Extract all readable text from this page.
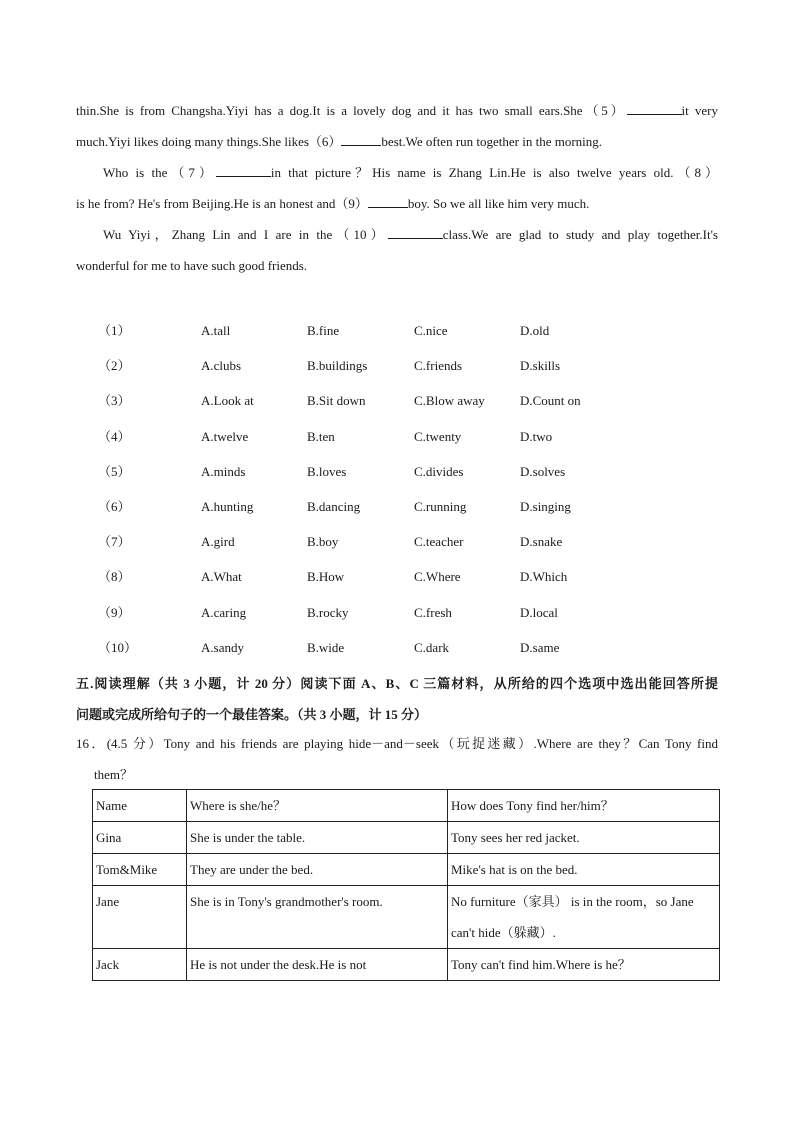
thin.She is from Changsha.Yiyi has a dog.It is a lovely dog and it has two small ears.She（5）	it very
much.Yiyi likes doing many things.She likes（6）	best.We often run together in the morning.
Who is the（7）	in that picture？His name is Zhang Lin.He is also twelve years old.（8）
is he from? He's from Beijing.He is an honest and（9）	boy. So we all like him very much.
Wu Yiyi，Zhang Lin and I are in the（10）	class.We are glad to study and play together.It's
wonderful for me to have such good friends.
（1）	A.tall	B.fine	C.nice	D.old
（2）	A.clubs	B.buildings	C.friends	D.skills
（3）	A.Look at	B.Sit down	C.Blow away	D.Count on
（4）	A.twelve	B.ten	C.twenty	D.two
（5）	A.minds	B.loves	C.divides	D.solves
（6）	A.hunting	B.dancing	C.running	D.singing
（7）	A.gird	B.boy	C.teacher	D.snake
（8）	A.What	B.How	C.Where	D.Which
（9）	A.caring	B.rocky	C.fresh	D.local
（10）	A.sandy	B.wide	C.dark	D.same
五.阅读理解（共 3 小题，计 20 分）阅读下面 A、B、C 三篇材料，从所给的四个选项中选出能回答所提
问题或完成所给句子的一个最佳答案。（共 3 小题，计 15 分）
16．(4.5 分）Tony and his friends are playing hide－and－seek（玩捉迷藏）.Where are they？Can Tony find
them？
Name	Where is she/he？	How does Tony find her/him？
Gina	She is under the table.	Tony sees her red jacket.
Tom&Mike	They are under the bed.	Mike's hat is on the bed.
Jane	She is in Tony's grandmother's room.	No furniture（家具） is in the room，so Jane
can't hide（躲藏）.

Jack	He is not under the desk.He is not	Tony can't find him.Where is he？
